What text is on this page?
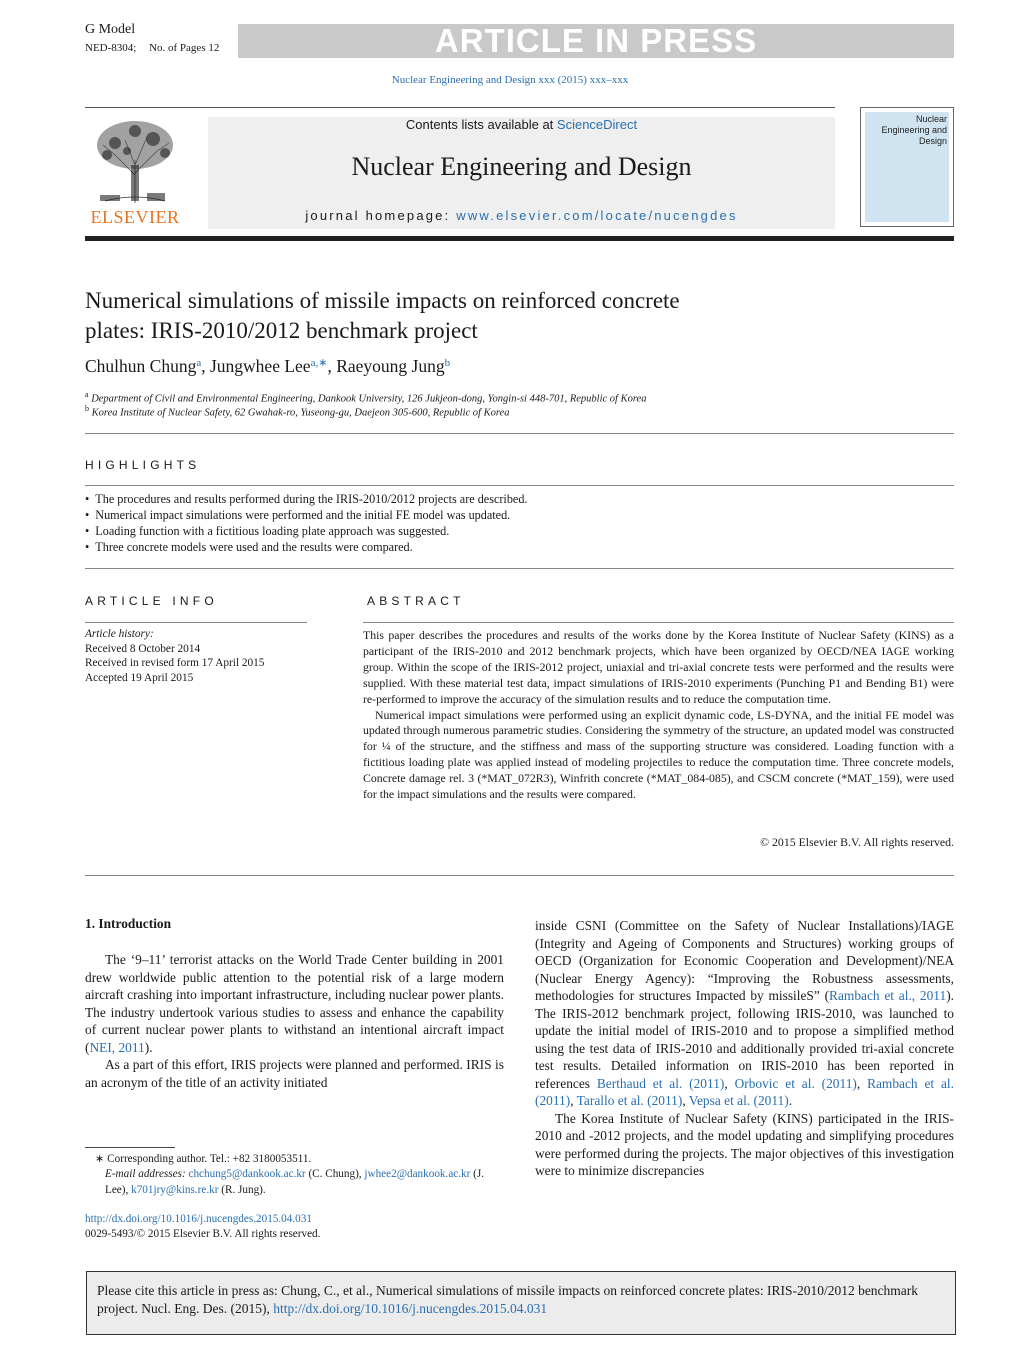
G Model
NED-8304; No. of Pages 12	ARTICLE IN PRESS
Nuclear Engineering and Design xxx (2015) xxx–xxx
ELSEVIER
Contents lists available at ScienceDirect
Nuclear Engineering and Design
journal homepage: www.elsevier.com/locate/nucengdes
Nuclear Engineering and Design
Numerical simulations of missile impacts on reinforced concrete
plates: IRIS-2010/2012 benchmark project
Chulhun Chung$^a$, Jungwhee Lee$^{a,∗}$, Raeyoung Jung$^b$
$^a$ Department of Civil and Environmental Engineering, Dankook University, 126 Jukjeon-dong, Yongin-si 448-701, Republic of Korea
$^b$ Korea Institute of Nuclear Safety, 62 Gwahak-ro, Yuseong-gu, Daejeon 305-600, Republic of Korea
HIGHLIGHTS
• The procedures and results performed during the IRIS-2010/2012 projects are described.
• Numerical impact simulations were performed and the initial FE model was updated.
• Loading function with a fictitious loading plate approach was suggested.
• Three concrete models were used and the results were compared.
ARTICLE INFO
Article history:
Received 8 October 2014
Received in revised form 17 April 2015
Accepted 19 April 2015
ABSTRACT

This paper describes the procedures and results of the works done by the Korea Institute of Nuclear Safety (KINS) as a participant of the IRIS-2010 and 2012 benchmark projects, which have been organized by OECD/NEA IAGE working group. Within the scope of the IRIS-2012 project, uniaxial and tri-axial concrete tests were performed and the results were supplied. With these material test data, impact simulations of IRIS-2010 experiments (Punching P1 and Bending B1) were re-performed to improve the accuracy of the simulation results and to reduce the computation time.

Numerical impact simulations were performed using an explicit dynamic code, LS-DYNA, and the initial FE model was updated through numerous parametric studies. Considering the symmetry of the structure, an updated model was constructed for ¼ of the structure, and the stiffness and mass of the supporting structure was considered. Loading function with a fictitious loading plate was applied instead of modeling projectiles to reduce the computation time. Three concrete models, Concrete damage rel. 3 (*MAT_072R3), Winfrith concrete (*MAT_084-085), and CSCM concrete (*MAT_159), were used for the impact simulations and the results were compared.

© 2015 Elsevier B.V. All rights reserved.
1. Introduction

The ‘9–11’ terrorist attacks on the World Trade Center building in 2001 drew worldwide public attention to the potential risk of a large modern aircraft crashing into important infrastructure, including nuclear power plants. The industry undertook various studies to assess and enhance the capability of current nuclear power plants to withstand an intentional aircraft impact (NEI, 2011).

As a part of this effort, IRIS projects were planned and performed. IRIS is an acronym of the title of an activity initiated

inside CSNI (Committee on the Safety of Nuclear Installations)/IAGE (Integrity and Ageing of Components and Structures) working groups of OECD (Organization for Economic Cooperation and Development)/NEA (Nuclear Energy Agency): “Improving the Robustness assessments, methodologies for structures Impacted by missileS” (Rambach et al., 2011). The IRIS-2012 benchmark project, following IRIS-2010, was launched to update the initial model of IRIS-2010 and to propose a simplified method using the test data of IRIS-2010 and additionally provided tri-axial concrete test results. Detailed information on IRIS-2010 has been reported in references Berthaud et al. (2011), Orbovic et al. (2011), Rambach et al. (2011), Tarallo et al. (2011), Vepsa et al. (2011).

The Korea Institute of Nuclear Safety (KINS) participated in the IRIS-2010 and -2012 projects, and the model updating and simplifying procedures were performed during the projects. The major objectives of this investigation were to minimize discrepancies

∗ Corresponding author. Tel.: +82 3180053511.
E-mail addresses: chchung5@dankook.ac.kr (C. Chung), jwhee2@dankook.ac.kr (J. Lee), k701jry@kins.re.kr (R. Jung).
http://dx.doi.org/10.1016/j.nucengdes.2015.04.031
0029-5493/© 2015 Elsevier B.V. All rights reserved.
Please cite this article in press as: Chung, C., et al., Numerical simulations of missile impacts on reinforced concrete plates: IRIS-2010/2012 benchmark project. Nucl. Eng. Des. (2015), http://dx.doi.org/10.1016/j.nucengdes.2015.04.031
